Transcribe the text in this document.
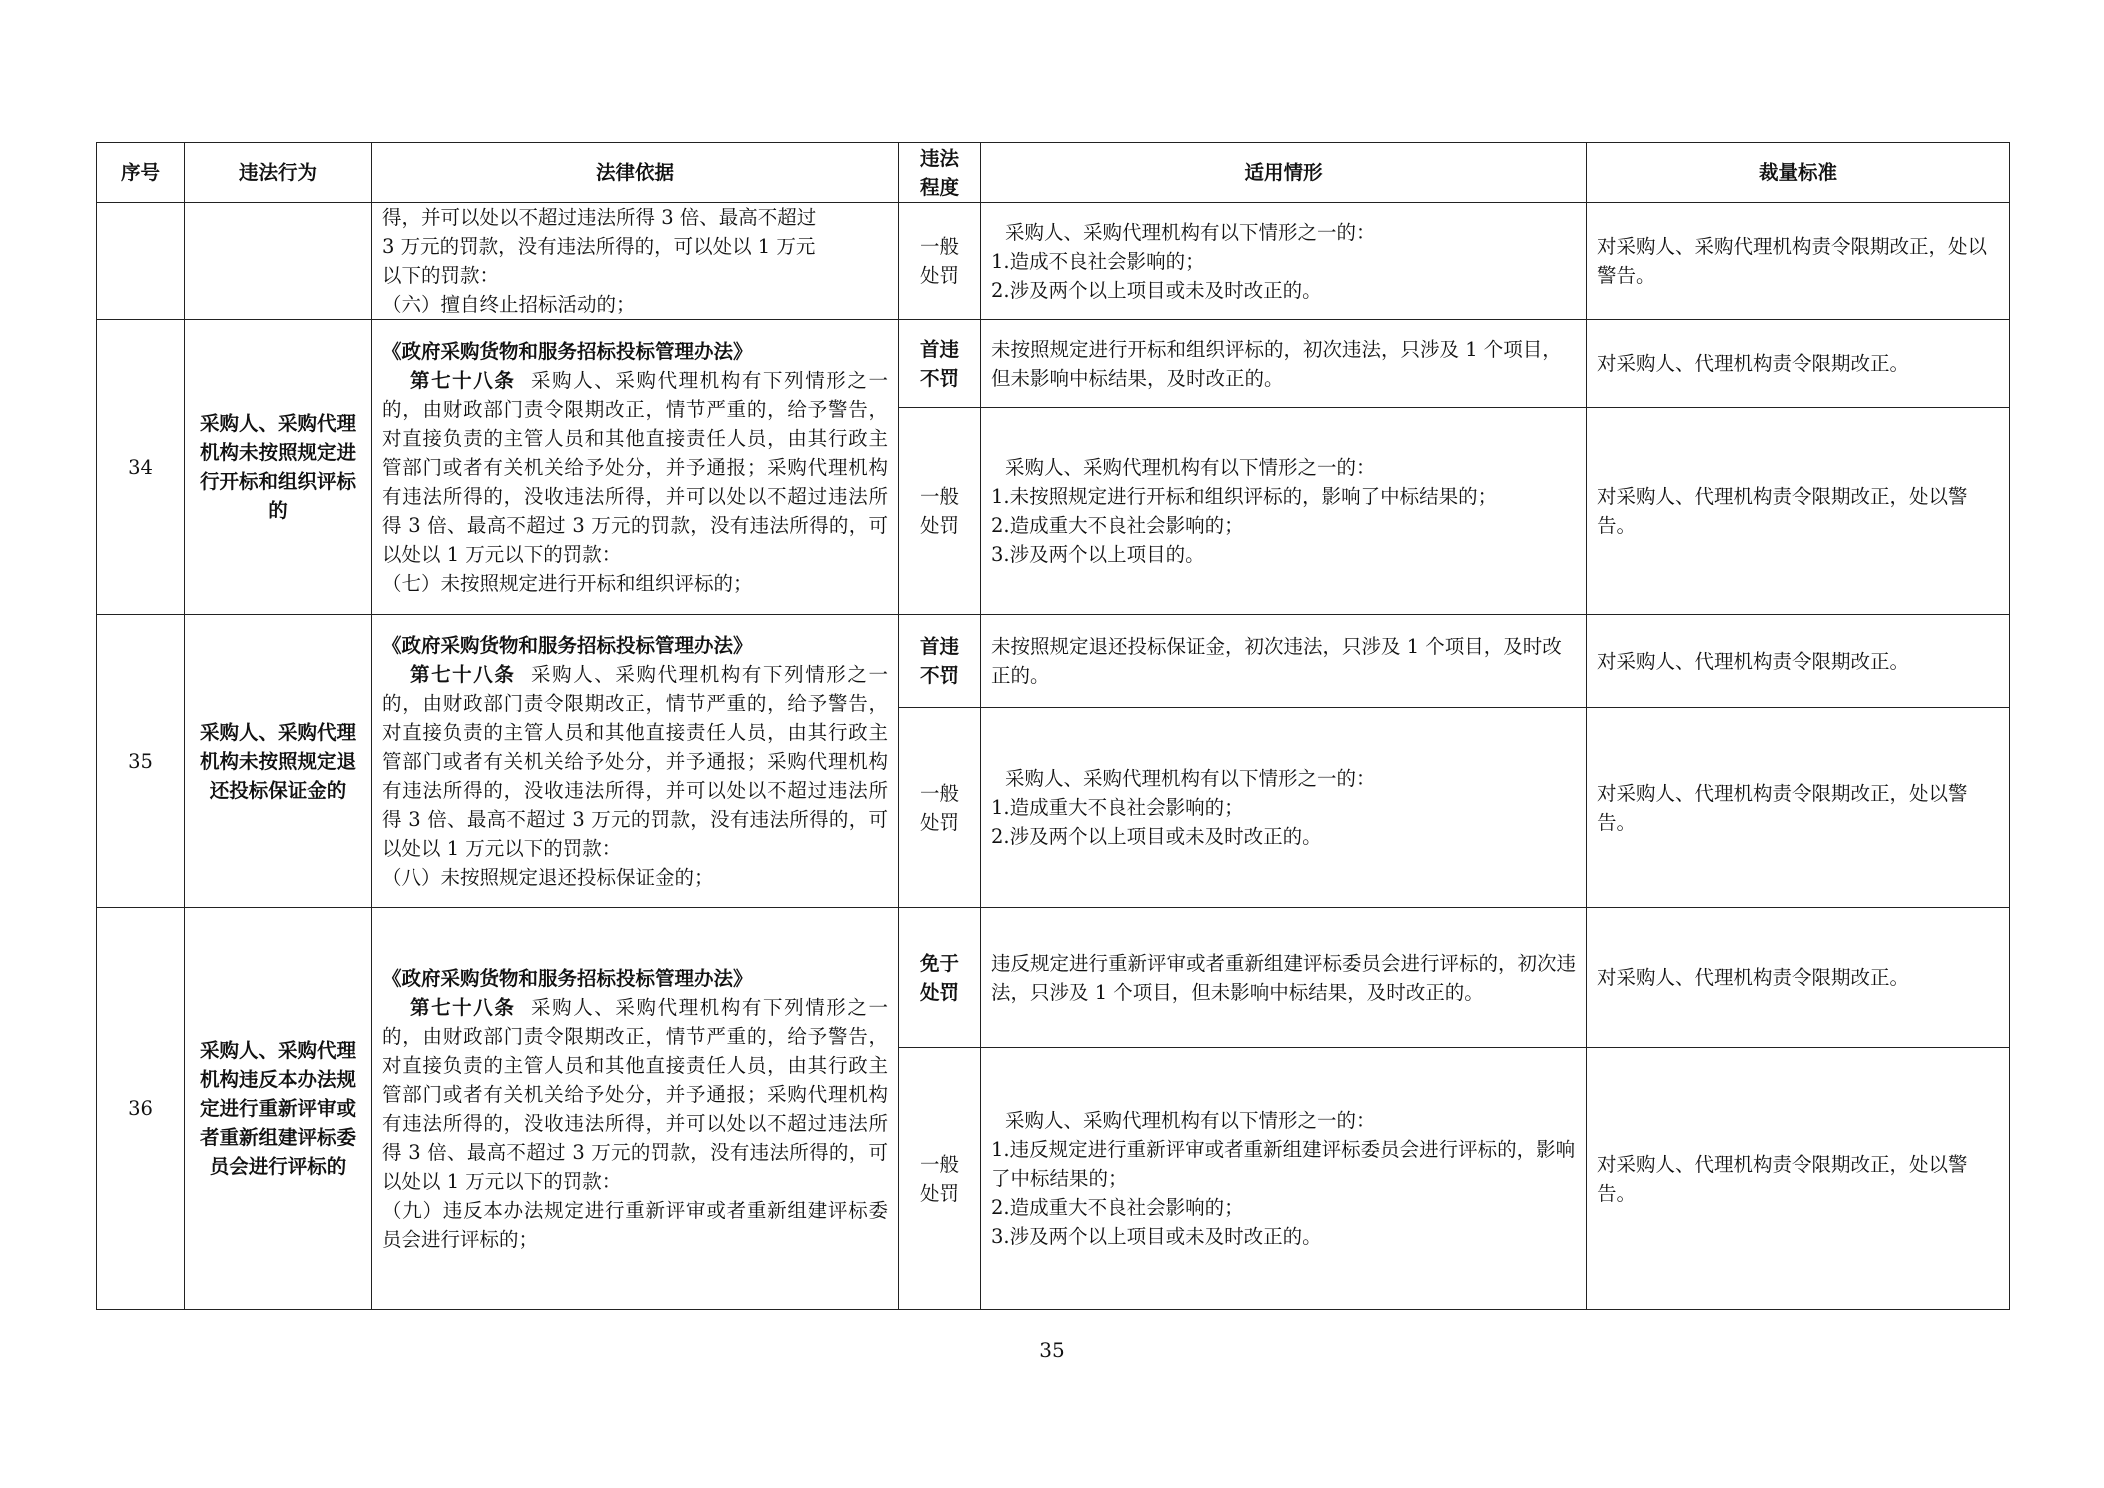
序号	违法行为	法律依据	违法
程度	适用情形	裁量标准

		得，并可以处以不超过违法所得 3 倍、最高不超过
3 万元的罚款，没有违法所得的，可以处以 1 万元
以下的罚款：
（六）擅自终止招标活动的；	一般
处罚	采购人、采购代理机构有以下情形之一的：
1.造成不良社会影响的；
2.涉及两个以上项目或未及时改正的。	对采购人、采购代理机构责令限期改正，处以警告。
34	采购人、采购代理机构未按照规定进行开标和组织评标的	《政府采购货物和服务招标投标管理办法》
第七十八条 采购人、采购代理机构有下列情形之一的，由财政部门责令限期改正，情节严重的，给予警告，对直接负责的主管人员和其他直接责任人员，由其行政主管部门或者有关机关给予处分，并予通报；采购代理机构有违法所得的，没收违法所得，并可以处以不超过违法所得 3 倍、最高不超过 3 万元的罚款，没有违法所得的，可以处以 1 万元以下的罚款：
（七）未按照规定进行开标和组织评标的；	首违
不罚	未按照规定进行开标和组织评标的，初次违法，只涉及 1 个项目，但未影响中标结果，及时改正的。	对采购人、代理机构责令限期改正。

			一般
处罚	采购人、采购代理机构有以下情形之一的：
1.未按照规定进行开标和组织评标的，影响了中标结果的；
2.造成重大不良社会影响的；
3.涉及两个以上项目的。	对采购人、代理机构责令限期改正，处以警告。
35	采购人、采购代理机构未按照规定退还投标保证金的	《政府采购货物和服务招标投标管理办法》
第七十八条 采购人、采购代理机构有下列情形之一的，由财政部门责令限期改正，情节严重的，给予警告，对直接负责的主管人员和其他直接责任人员，由其行政主管部门或者有关机关给予处分，并予通报；采购代理机构有违法所得的，没收违法所得，并可以处以不超过违法所得 3 倍、最高不超过 3 万元的罚款，没有违法所得的，可以处以 1 万元以下的罚款：
（八）未按照规定退还投标保证金的；	首违
不罚	未按照规定退还投标保证金，初次违法，只涉及 1 个项目，及时改正的。	对采购人、代理机构责令限期改正。

			一般
处罚	采购人、采购代理机构有以下情形之一的：
1.造成重大不良社会影响的；
2.涉及两个以上项目或未及时改正的。	对采购人、代理机构责令限期改正，处以警告。
36	采购人、采购代理机构违反本办法规定进行重新评审或者重新组建评标委员会进行评标的	《政府采购货物和服务招标投标管理办法》
第七十八条 采购人、采购代理机构有下列情形之一的，由财政部门责令限期改正，情节严重的，给予警告，对直接负责的主管人员和其他直接责任人员，由其行政主管部门或者有关机关给予处分，并予通报；采购代理机构有违法所得的，没收违法所得，并可以处以不超过违法所得 3 倍、最高不超过 3 万元的罚款，没有违法所得的，可以处以 1 万元以下的罚款：
（九）违反本办法规定进行重新评审或者重新组建评标委员会进行评标的；	免于
处罚	违反规定进行重新评审或者重新组建评标委员会进行评标的，初次违法，只涉及 1 个项目，但未影响中标结果，及时改正的。	对采购人、代理机构责令限期改正。

			一般
处罚	采购人、采购代理机构有以下情形之一的：
1.违反规定进行重新评审或者重新组建评标委员会进行评标的，影响了中标结果的；
2.造成重大不良社会影响的；
3.涉及两个以上项目或未及时改正的。	对采购人、代理机构责令限期改正，处以警告。
35
